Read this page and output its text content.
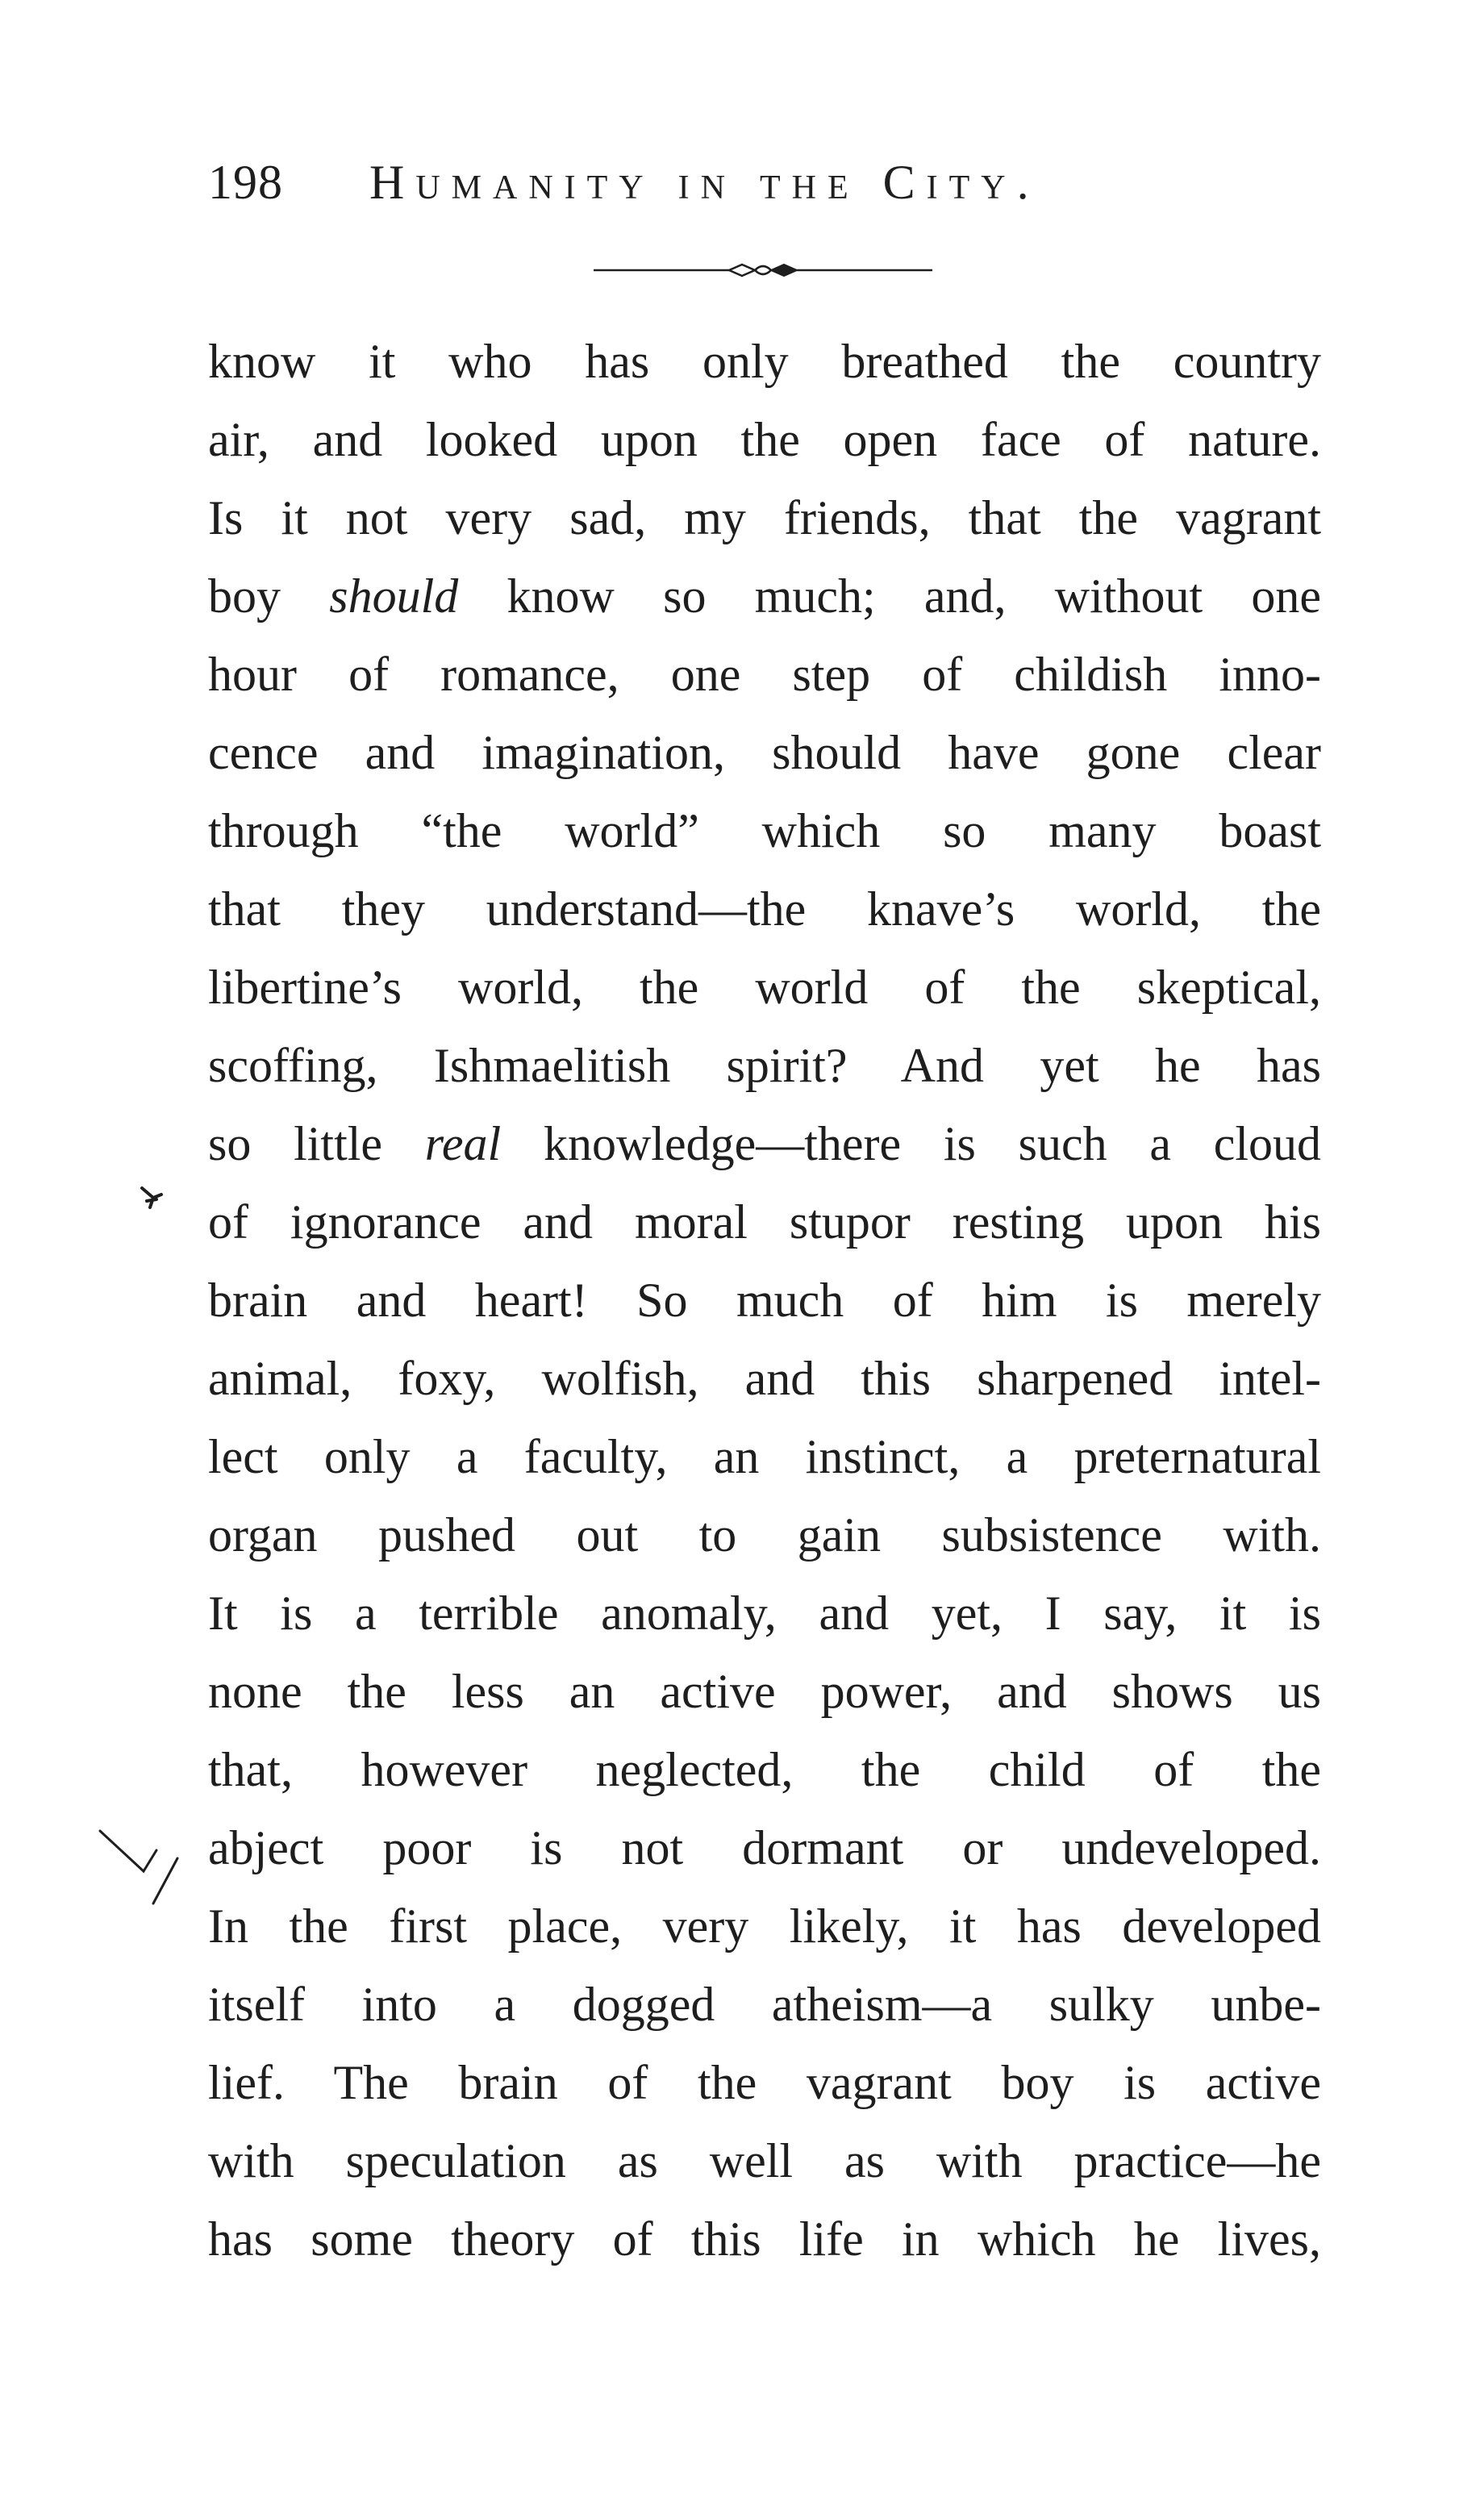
198 Humanity in the City.
know it who has only breathed the country
air, and looked upon the open face of nature.
Is it not very sad, my friends, that the vagrant
boy should know so much; and, without one
hour of romance, one step of childish inno-
cence and imagination, should have gone clear
through “the world” which so many boast
that they understand—the knave’s world, the
libertine’s world, the world of the skeptical,
scoffing, Ishmaelitish spirit? And yet he has
so little real knowledge—there is such a cloud
of ignorance and moral stupor resting upon his
brain and heart! So much of him is merely
animal, foxy, wolfish, and this sharpened intel-
lect only a faculty, an instinct, a preternatural
organ pushed out to gain subsistence with.
It is a terrible anomaly, and yet, I say, it is
none the less an active power, and shows us
that, however neglected, the child of the
abject poor is not dormant or undeveloped.
In the first place, very likely, it has developed
itself into a dogged atheism—a sulky unbe-
lief. The brain of the vagrant boy is active
with speculation as well as with practice—he
has some theory of this life in which he lives,
